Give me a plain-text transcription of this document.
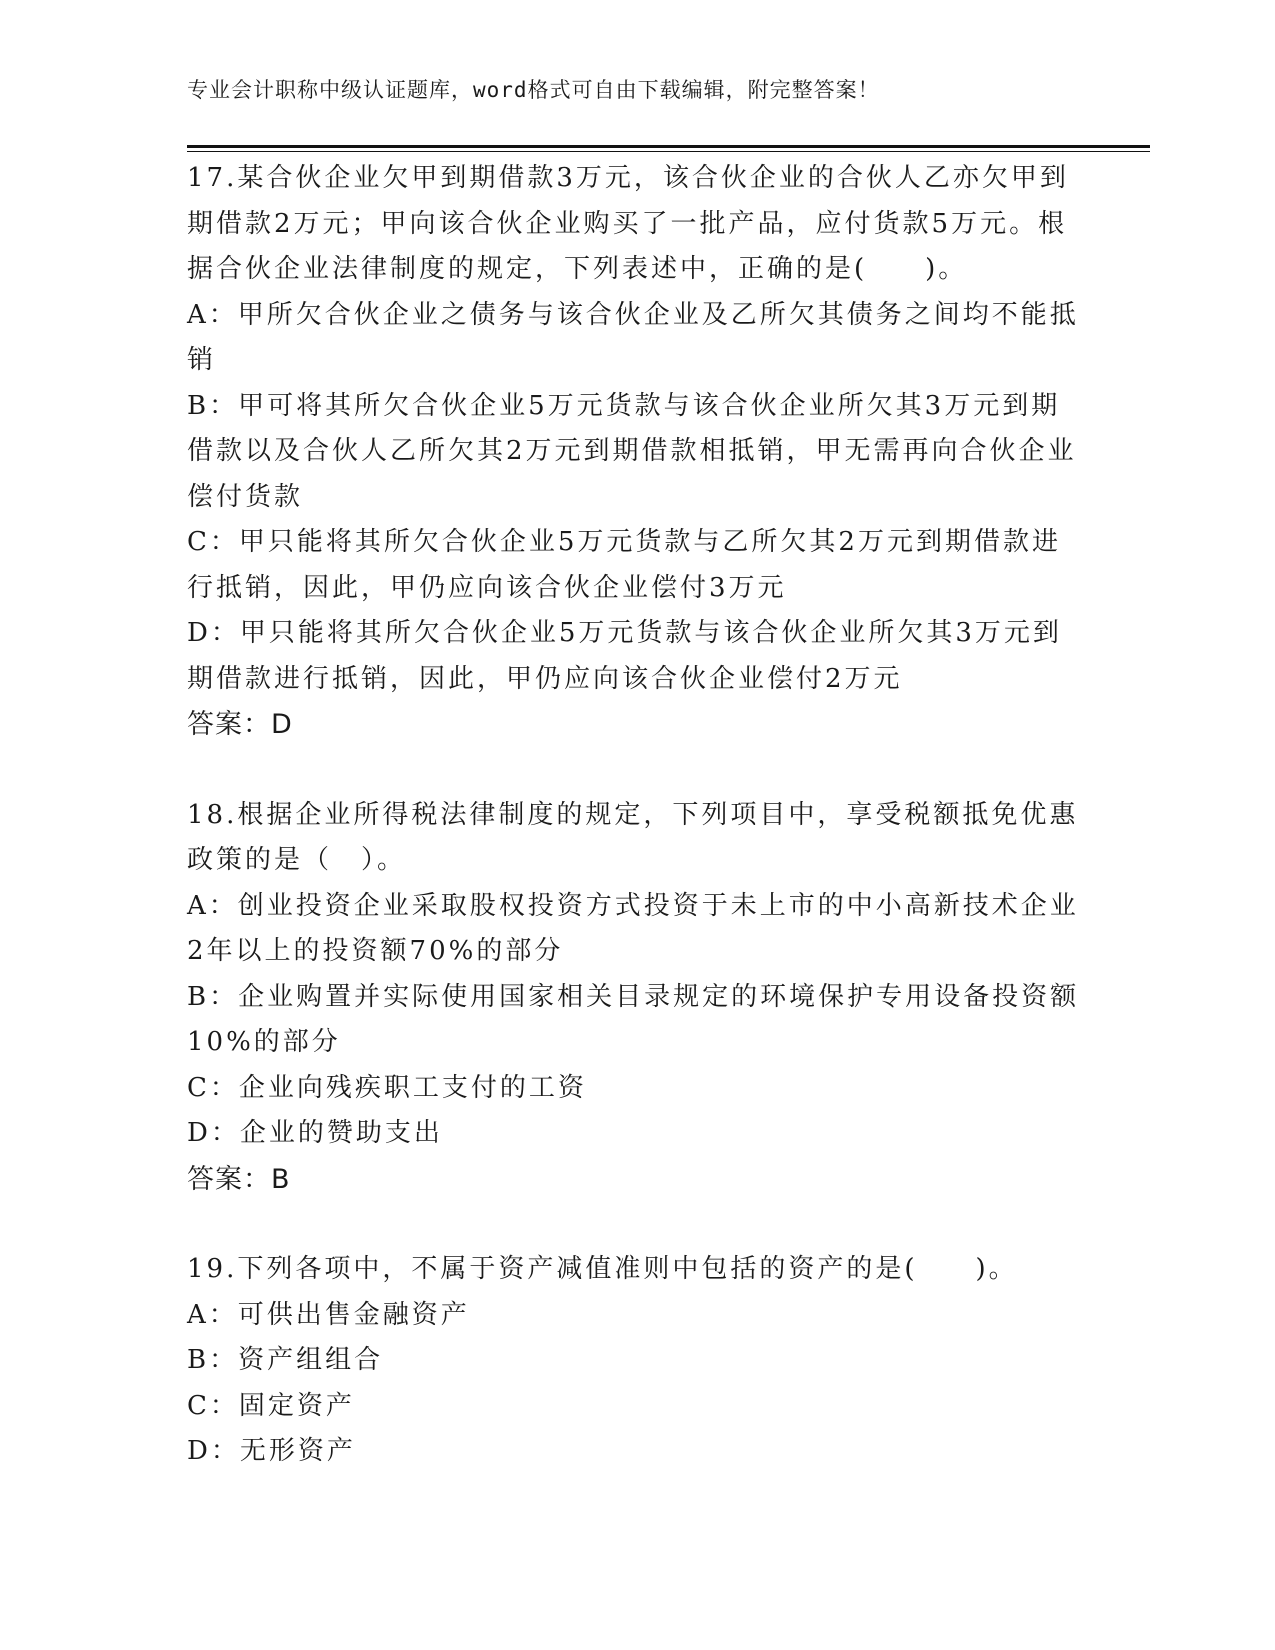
专业会计职称中级认证题库，word格式可自由下载编辑，附完整答案！

17.某合伙企业欠甲到期借款3万元，该合伙企业的合伙人乙亦欠甲到期借款2万元；甲向该合伙企业购买了一批产品，应付货款5万元。根据合伙企业法律制度的规定，下列表述中，正确的是(　　)。

A：甲所欠合伙企业之债务与该合伙企业及乙所欠其债务之间均不能抵销

B：甲可将其所欠合伙企业5万元货款与该合伙企业所欠其3万元到期借款以及合伙人乙所欠其2万元到期借款相抵销，甲无需再向合伙企业偿付货款

C：甲只能将其所欠合伙企业5万元货款与乙所欠其2万元到期借款进行抵销，因此，甲仍应向该合伙企业偿付3万元

D：甲只能将其所欠合伙企业5万元货款与该合伙企业所欠其3万元到期借款进行抵销，因此，甲仍应向该合伙企业偿付2万元

答案：D

18.根据企业所得税法律制度的规定，下列项目中，享受税额抵免优惠政策的是（　）。

A：创业投资企业采取股权投资方式投资于未上市的中小高新技术企业2年以上的投资额70%的部分

B：企业购置并实际使用国家相关目录规定的环境保护专用设备投资额10%的部分

C：企业向残疾职工支付的工资

D：企业的赞助支出

答案：B

19.下列各项中，不属于资产减值准则中包括的资产的是(　　)。

A：可供出售金融资产

B：资产组组合

C：固定资产

D：无形资产
